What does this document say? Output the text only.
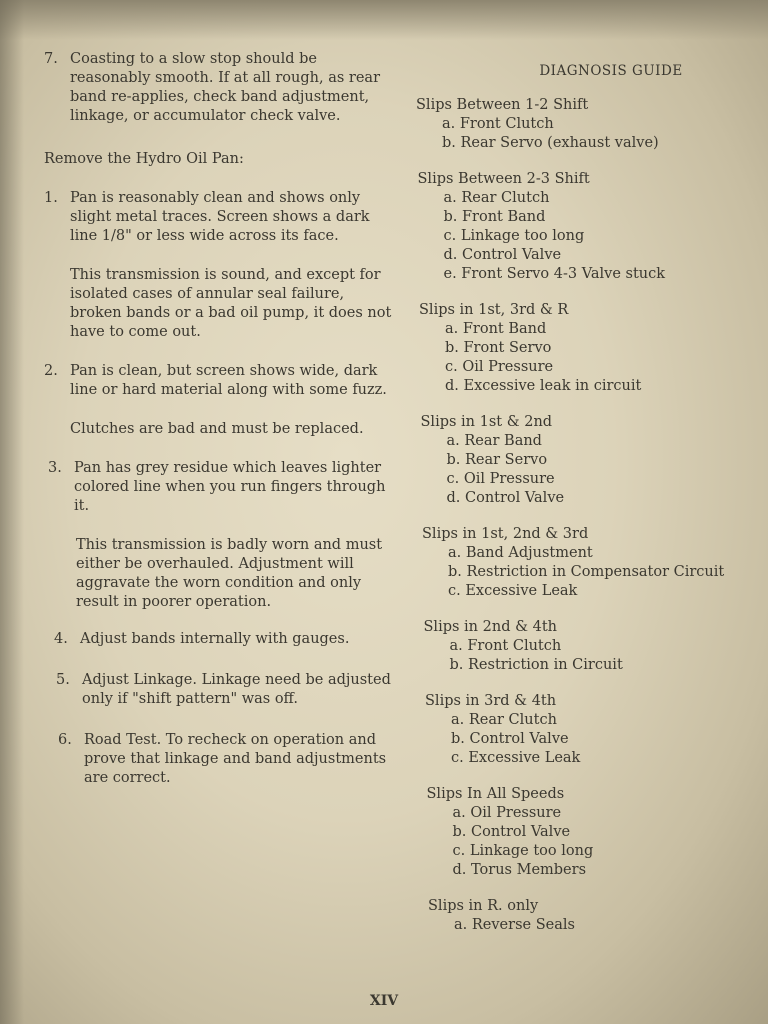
7. Coasting to a slow stop should be reasonably smooth. If at all rough, as rear band re-applies, check band adjustment, linkage, or accumulator check valve.

Remove the Hydro Oil Pan:

1. Pan is reasonably clean and shows only slight metal traces. Screen shows a dark line 1/8" or less wide across its face.

This transmission is sound, and except for isolated cases of annular seal failure, broken bands or a bad oil pump, it does not have to come out.

2. Pan is clean, but screen shows wide, dark line or hard material along with some fuzz.

Clutches are bad and must be replaced.

3. Pan has grey residue which leaves lighter colored line when you run fingers through it.

This transmission is badly worn and must either be overhauled. Adjustment will aggravate the worn condition and only result in poorer operation.

4. Adjust bands internally with gauges.
5. Adjust Linkage. Linkage need be adjusted only if "shift pattern" was off.
6. Road Test. To recheck on operation and prove that linkage and band adjustments are correct.

DIAGNOSIS GUIDE

Slips Between 1-2 Shift

a. Front Clutch

b. Rear Servo (exhaust valve)

Slips Between 2-3 Shift

a. Rear Clutch

b. Front Band

c. Linkage too long

d. Control Valve

e. Front Servo 4-3 Valve stuck

Slips in 1st, 3rd & R

a. Front Band

b. Front Servo

c. Oil Pressure

d. Excessive leak in circuit

Slips in 1st & 2nd

a. Rear Band

b. Rear Servo

c. Oil Pressure

d. Control Valve

Slips in 1st, 2nd & 3rd

a. Band Adjustment

b. Restriction in Compensator Circuit

c. Excessive Leak

Slips in 2nd & 4th

a. Front Clutch

b. Restriction in Circuit

Slips in 3rd & 4th

a. Rear Clutch

b. Control Valve

c. Excessive Leak

Slips In All Speeds

a. Oil Pressure

b. Control Valve

c. Linkage too long

d. Torus Members

Slips in R. only

a. Reverse Seals

XIV
